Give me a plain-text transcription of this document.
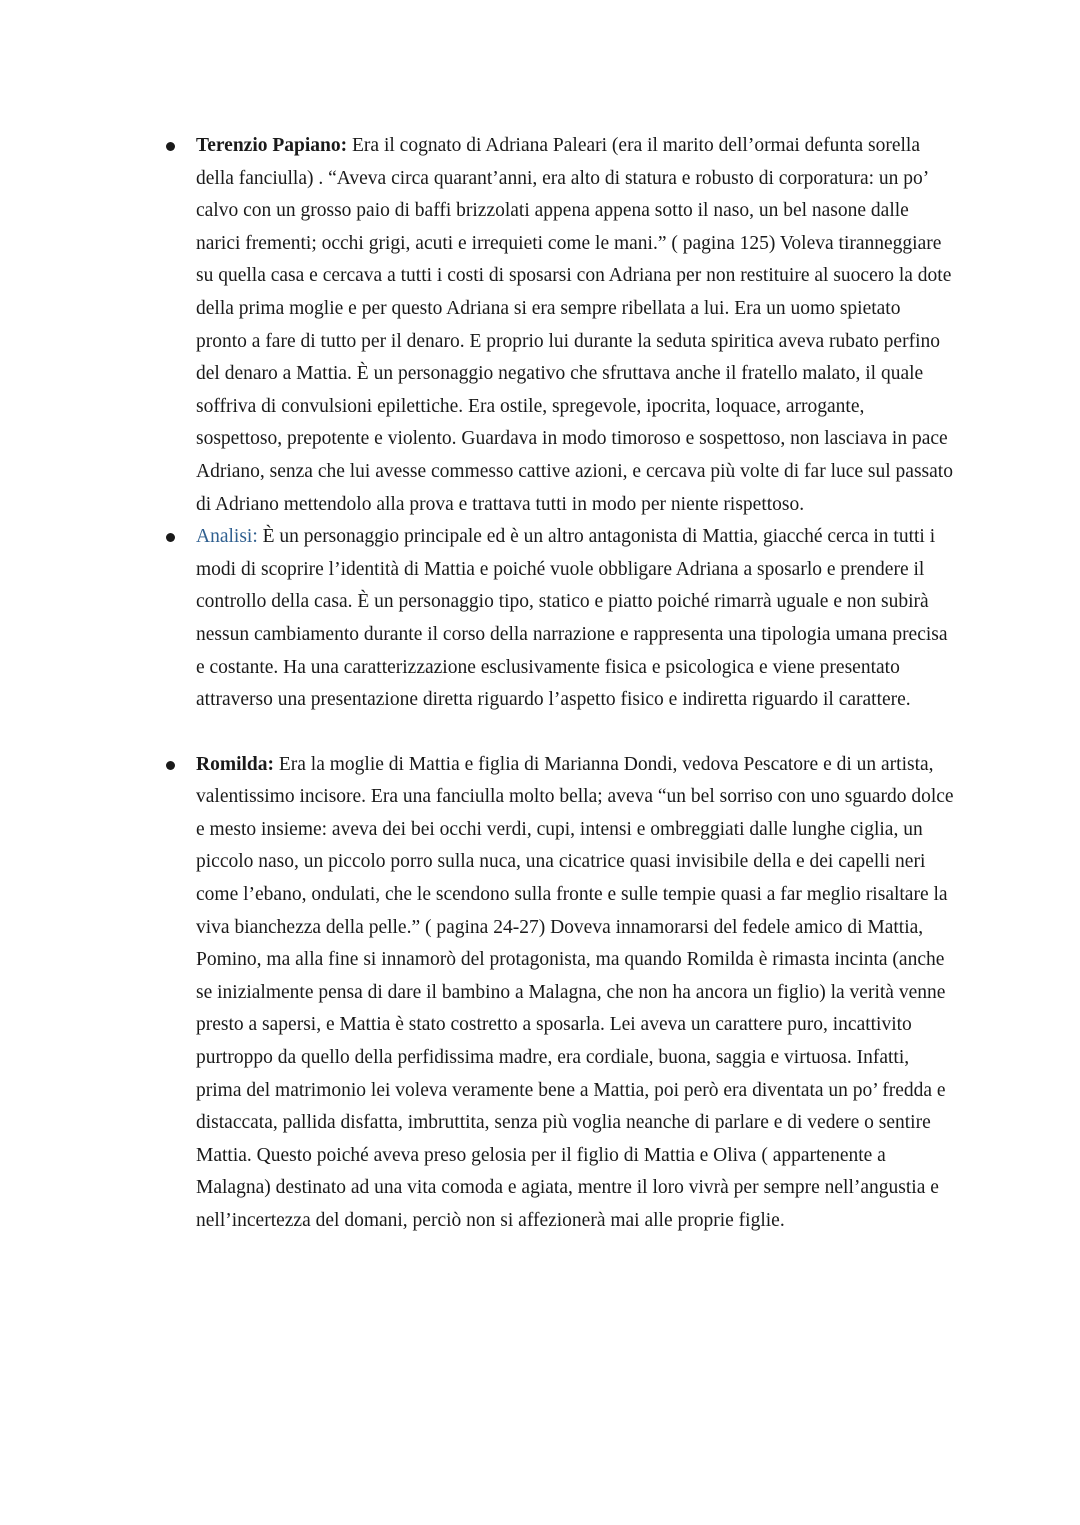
Terenzio Papiano: Era il cognato di Adriana Paleari (era il marito dell’ormai defunta sorella della fanciulla) . “Aveva circa quarant’anni, era alto di statura e robusto di corporatura: un po’ calvo con un grosso paio di baffi brizzolati appena appena sotto il naso, un bel nasone dalle narici frementi; occhi grigi, acuti e irrequieti come le mani.” ( pagina 125) Voleva tiranneggiare su quella casa e cercava a tutti i costi di sposarsi con Adriana per non restituire al suocero la dote della prima moglie e per questo Adriana si era sempre ribellata a lui. Era un uomo spietato pronto a fare di tutto per il denaro. E proprio lui durante la seduta spiritica aveva rubato perfino del denaro a Mattia. È un personaggio negativo che sfruttava anche il fratello malato, il quale soffriva di convulsioni epilettiche. Era ostile, spregevole, ipocrita, loquace, arrogante, sospettoso, prepotente e violento. Guardava in modo timoroso e sospettoso, non lasciava in pace Adriano, senza che lui avesse commesso cattive azioni, e cercava più volte di far luce sul passato di Adriano mettendolo alla prova e trattava tutti in modo per niente rispettoso.
Analisi: È un personaggio principale ed è un altro antagonista di Mattia, giacché cerca in tutti i modi di scoprire l’identità di Mattia e poiché vuole obbligare Adriana a sposarlo e prendere il controllo della casa. È un personaggio tipo, statico e piatto poiché rimarrà uguale e non subirà nessun cambiamento durante il corso della narrazione e rappresenta una tipologia umana precisa e costante. Ha una caratterizzazione esclusivamente fisica e psicologica e viene presentato attraverso una presentazione diretta riguardo l’aspetto fisico e indiretta riguardo il carattere.
Romilda: Era la moglie di Mattia e figlia di Marianna Dondi, vedova Pescatore e di un artista, valentissimo incisore. Era una fanciulla molto bella; aveva “un bel sorriso con uno sguardo dolce e mesto insieme: aveva dei bei occhi verdi, cupi, intensi e ombreggiati dalle lunghe ciglia, un piccolo naso, un piccolo porro sulla nuca, una cicatrice quasi invisibile della e dei capelli neri come l’ebano, ondulati, che le scendono sulla fronte e sulle tempie quasi a far meglio risaltare la viva bianchezza della pelle.” ( pagina 24-27) Doveva innamorarsi del fedele amico di Mattia, Pomino, ma alla fine si innamorò del protagonista, ma quando Romilda è rimasta incinta (anche se inizialmente pensa di dare il bambino a Malagna, che non ha ancora un figlio) la verità venne presto a sapersi, e Mattia è stato costretto a sposarla. Lei aveva un carattere puro, incattivito purtroppo da quello della perfidissima madre, era cordiale, buona, saggia e virtuosa. Infatti, prima del matrimonio lei voleva veramente bene a Mattia, poi però era diventata un po’ fredda e distaccata, pallida disfatta, imbruttita, senza più voglia neanche di parlare e di vedere o sentire Mattia. Questo poiché aveva preso gelosia per il figlio di Mattia e Oliva ( appartenente a Malagna) destinato ad una vita comoda e agiata, mentre il loro vivrà per sempre nell’angustia e nell’incertezza del domani, perciò non si affezionerà mai alle proprie figlie.
